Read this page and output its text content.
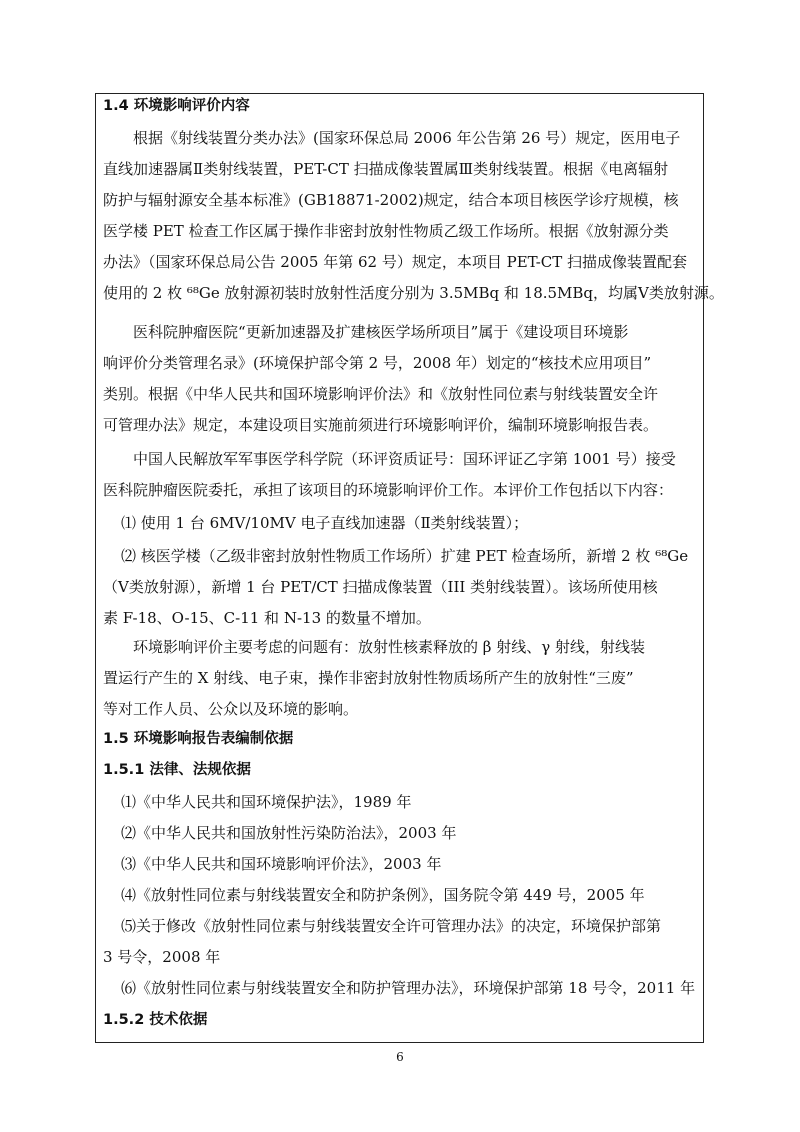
1.4 环境影响评价内容
根据《射线装置分类办法》(国家环保总局 2006 年公告第 26 号）规定，医用电子
直线加速器属Ⅱ类射线装置，PET-CT 扫描成像装置属Ⅲ类射线装置。根据《电离辐射
防护与辐射源安全基本标准》(GB18871-2002)规定，结合本项目核医学诊疗规模，核
医学楼 PET 检查工作区属于操作非密封放射性物质乙级工作场所。根据《放射源分类
办法》（国家环保总局公告 2005 年第 62 号）规定，本项目 PET-CT 扫描成像装置配套
使用的 2 枚 ⁶⁸Ge 放射源初装时放射性活度分别为 3.5MBq 和 18.5MBq，均属Ⅴ类放射源。
医科院肿瘤医院“更新加速器及扩建核医学场所项目”属于《建设项目环境影
响评价分类管理名录》(环境保护部令第 2 号，2008 年）划定的“核技术应用项目”
类别。根据《中华人民共和国环境影响评价法》和《放射性同位素与射线装置安全许
可管理办法》规定，本建设项目实施前须进行环境影响评价，编制环境影响报告表。
中国人民解放军军事医学科学院（环评资质证号：国环评证乙字第 1001 号）接受
医科院肿瘤医院委托，承担了该项目的环境影响评价工作。本评价工作包括以下内容：
⑴ 使用 1 台 6MV/10MV 电子直线加速器（Ⅱ类射线装置）；
⑵ 核医学楼（乙级非密封放射性物质工作场所）扩建 PET 检查场所，新增 2 枚 ⁶⁸Ge
（Ⅴ类放射源），新增 1 台 PET/CT 扫描成像装置（III 类射线装置）。该场所使用核
素 F-18、O-15、C-11 和 N-13 的数量不增加。
环境影响评价主要考虑的问题有：放射性核素释放的 β 射线、γ 射线，射线装
置运行产生的 X 射线、电子束，操作非密封放射性物质场所产生的放射性“三废”
等对工作人员、公众以及环境的影响。
1.5 环境影响报告表编制依据
1.5.1 法律、法规依据
⑴《中华人民共和国环境保护法》，1989 年
⑵《中华人民共和国放射性污染防治法》，2003 年
⑶《中华人民共和国环境影响评价法》，2003 年
⑷《放射性同位素与射线装置安全和防护条例》，国务院令第 449 号，2005 年
⑸关于修改《放射性同位素与射线装置安全许可管理办法》的决定，环境保护部第
3 号令，2008 年
⑹《放射性同位素与射线装置安全和防护管理办法》，环境保护部第 18 号令，2011 年
1.5.2 技术依据
6
